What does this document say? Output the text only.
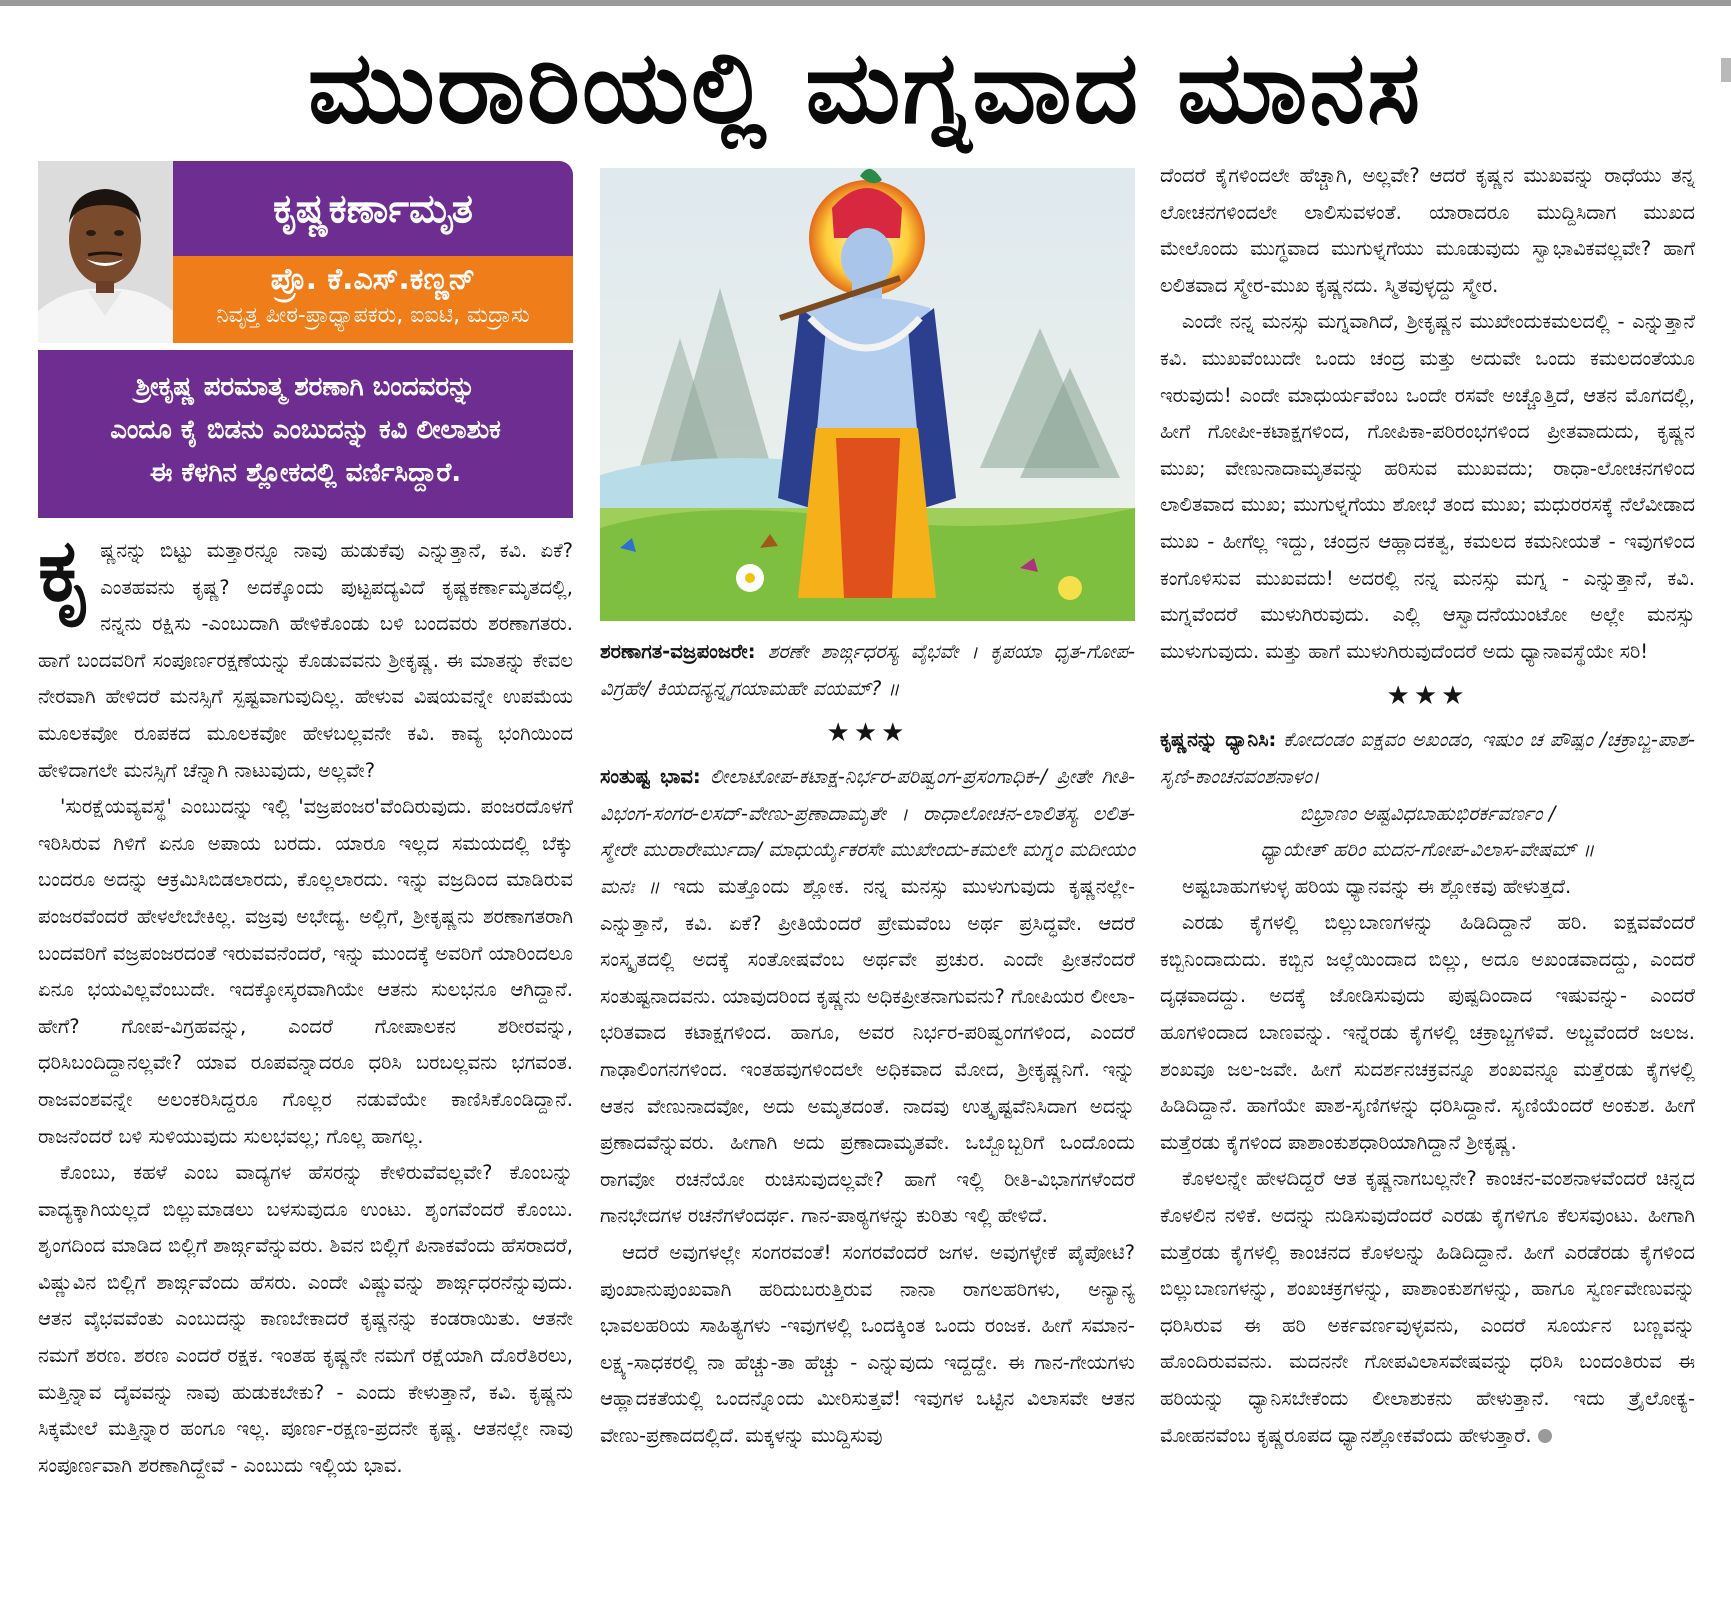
ಮುರಾರಿಯಲ್ಲಿ ಮಗ್ನವಾದ ಮಾನಸ
ಕೃಷ್ಣಕರ್ಣಾಮೃತ
ಪ್ರೊ. ಕೆ.ಎಸ್.ಕಣ್ಣನ್
ನಿವೃತ್ತ ಪೀಠ-ಪ್ರಾಧ್ಯಾಪಕರು, ಐಐಟಿ, ಮದ್ರಾಸು
ಶ್ರೀಕೃಷ್ಣ ಪರಮಾತ್ಮ ಶರಣಾಗಿ ಬಂದವರನ್ನು
ಎಂದೂ ಕೈ ಬಿಡನು ಎಂಬುದನ್ನು ಕವಿ ಲೀಲಾಶುಕ
ಈ ಕೆಳಗಿನ ಶ್ಲೋಕದಲ್ಲಿ ವರ್ಣಿಸಿದ್ದಾರೆ.

ಕೃಷ್ಣನನ್ನು ಬಿಟ್ಟು ಮತ್ತಾರನ್ನೂ ನಾವು ಹುಡುಕೆವು ಎನ್ನುತ್ತಾನೆ, ಕವಿ. ಏಕೆ? ಎಂತಹವನು ಕೃಷ್ಣ? ಅದಕ್ಕೊಂದು ಪುಟ್ಟಪದ್ಯವಿದೆ ಕೃಷ್ಣಕರ್ಣಾಮೃತದಲ್ಲಿ, ನನ್ನನು ರಕ್ಷಿಸು -ಎಂಬುದಾಗಿ ಹೇಳಿಕೊಂಡು ಬಳಿ ಬಂದವರು ಶರಣಾಗತರು. ಹಾಗೆ ಬಂದವರಿಗೆ ಸಂಪೂರ್ಣರಕ್ಷಣೆಯನ್ನು ಕೊಡುವವನು ಶ್ರೀಕೃಷ್ಣ. ಈ ಮಾತನ್ನು ಕೇವಲ ನೇರವಾಗಿ ಹೇಳಿದರೆ ಮನಸ್ಸಿಗೆ ಸ್ಪಷ್ಟವಾಗುವುದಿಲ್ಲ. ಹೇಳುವ ವಿಷಯವನ್ನೇ ಉಪಮೆಯ ಮೂಲಕವೋ ರೂಪಕದ ಮೂಲಕವೋ ಹೇಳಬಲ್ಲವನೇ ಕವಿ. ಕಾವ್ಯ ಭಂಗಿಯಿಂದ ಹೇಳಿದಾಗಲೇ ಮನಸ್ಸಿಗೆ ಚೆನ್ನಾಗಿ ನಾಟುವುದು, ಅಲ್ಲವೇ?

'ಸುರಕ್ಷೆಯವ್ಯವಸ್ಥೆ' ಎಂಬುದನ್ನು ಇಲ್ಲಿ 'ವಜ್ರಪಂಜರ'ವೆಂದಿರುವುದು. ಪಂಜರದೊಳಗೆ ಇರಿಸಿರುವ ಗಿಳಿಗೆ ಏನೂ ಅಪಾಯ ಬರದು. ಯಾರೂ ಇಲ್ಲದ ಸಮಯದಲ್ಲಿ ಬೆಕ್ಕು ಬಂದರೂ ಅದನ್ನು ಆಕ್ರಮಿಸಿಬಿಡಲಾರದು, ಕೊಲ್ಲಲಾರದು. ಇನ್ನು ವಜ್ರದಿಂದ ಮಾಡಿರುವ ಪಂಜರವೆಂದರೆ ಹೇಳಲೇಬೇಕಿಲ್ಲ. ವಜ್ರವು ಅಭೇದ್ಯ. ಅಲ್ಲಿಗೆ, ಶ್ರೀಕೃಷ್ಣನು ಶರಣಾಗತರಾಗಿ ಬಂದವರಿಗೆ ವಜ್ರಪಂಜರದಂತೆ ಇರುವವನೆಂದರೆ, ಇನ್ನು ಮುಂದಕ್ಕೆ ಅವರಿಗೆ ಯಾರಿಂದಲೂ ಏನೂ ಭಯವಿಲ್ಲವೆಂಬುದೇ. ಇದಕ್ಕೋಸ್ಕರವಾಗಿಯೇ ಆತನು ಸುಲಭನೂ ಆಗಿದ್ದಾನೆ. ಹೇಗೆ? ಗೋಪ-ವಿಗ್ರಹವನ್ನು, ಎಂದರೆ ಗೋಪಾಲಕನ ಶರೀರವನ್ನು, ಧರಿಸಿಬಂದಿದ್ದಾನಲ್ಲವೇ? ಯಾವ ರೂಪವನ್ನಾದರೂ ಧರಿಸಿ ಬರಬಲ್ಲವನು ಭಗವಂತ. ರಾಜವಂಶವನ್ನೇ ಅಲಂಕರಿಸಿದ್ದರೂ ಗೊಲ್ಲರ ನಡುವೆಯೇ ಕಾಣಿಸಿಕೊಂಡಿದ್ದಾನೆ. ರಾಜನೆಂದರೆ ಬಳಿ ಸುಳಿಯುವುದು ಸುಲಭವಲ್ಲ; ಗೊಲ್ಲ ಹಾಗಲ್ಲ.

ಕೊಂಬು, ಕಹಳೆ ಎಂಬ ವಾದ್ಯಗಳ ಹೆಸರನ್ನು ಕೇಳಿರುವೆವಲ್ಲವೇ? ಕೊಂಬನ್ನು ವಾದ್ಯಕ್ಕಾಗಿಯಲ್ಲದೆ ಬಿಲ್ಲುಮಾಡಲು ಬಳಸುವುದೂ ಉಂಟು. ಶೃಂಗವೆಂದರೆ ಕೊಂಬು. ಶೃಂಗದಿಂದ ಮಾಡಿದ ಬಿಲ್ಲಿಗೆ ಶಾರ್ಙ್ಗವೆನ್ನುವರು. ಶಿವನ ಬಿಲ್ಲಿಗೆ ಪಿನಾಕವೆಂದು ಹೆಸರಾದರೆ, ವಿಷ್ಣುವಿನ ಬಿಲ್ಲಿಗೆ ಶಾರ್ಙ್ಗವೆಂದು ಹೆಸರು. ಎಂದೇ ವಿಷ್ಣುವನ್ನು ಶಾರ್ಙ್ಗಧರನೆನ್ನುವುದು. ಆತನ ವೈಭವವೆಂತು ಎಂಬುದನ್ನು ಕಾಣಬೇಕಾದರೆ ಕೃಷ್ಣನನ್ನು ಕಂಡರಾಯಿತು. ಆತನೇ ನಮಗೆ ಶರಣ. ಶರಣ ಎಂದರೆ ರಕ್ಷಕ. ಇಂತಹ ಕೃಷ್ಣನೇ ನಮಗೆ ರಕ್ಷೆಯಾಗಿ ದೊರೆತಿರಲು, ಮತ್ತಿನ್ನಾವ ದೈವವನ್ನು ನಾವು ಹುಡುಕಬೇಕು? - ಎಂದು ಕೇಳುತ್ತಾನೆ, ಕವಿ. ಕೃಷ್ಣನು ಸಿಕ್ಕಮೇಲೆ ಮತ್ತಿನ್ನಾರ ಹಂಗೂ ಇಲ್ಲ. ಪೂರ್ಣ-ರಕ್ಷಣ-ಪ್ರದನೇ ಕೃಷ್ಣ. ಆತನಲ್ಲೇ ನಾವು ಸಂಪೂರ್ಣವಾಗಿ ಶರಣಾಗಿದ್ದೇವೆ - ಎಂಬುದು ಇಲ್ಲಿಯ ಭಾವ.

ಶರಣಾಗತ-ವಜ್ರಪಂಜರೇ: ಶರಣೇ ಶಾರ್ಙ್ಗಧರಸ್ಯ ವೈಭವೇ । ಕೃಪಯಾ ಧೃತ-ಗೋಪ-ವಿಗ್ರಹೇ/ ಕಿಯದನ್ಯನ್ನೃಗಯಾಮಹೇ ವಯಮ್? ॥

★★★

ಸಂತುಷ್ಟ ಭಾವ: ಲೀಲಾಟೋಪ-ಕಟಾಕ್ಷ-ನಿರ್ಭರ-ಪರಿಷ್ವಂಗ-ಪ್ರಸಂಗಾಧಿಕ-/ ಪ್ರೀತೇ ಗೀತಿ-ವಿಭಂಗ-ಸಂಗರ-ಲಸದ್-ವೇಣು-ಪ್ರಣಾದಾಮೃತೇ । ರಾಧಾಲೋಚನ-ಲಾಲಿತಸ್ಯ ಲಲಿತ-ಸ್ಮೇರೇ ಮುರಾರೇರ್ಮುದಾ/ ಮಾಧುರ್ಯೈಕರಸೇ ಮುಖೇಂದು-ಕಮಲೇ ಮಗ್ನಂ ಮದೀಯಂ ಮನಃ ॥ ಇದು ಮತ್ತೊಂದು ಶ್ಲೋಕ. ನನ್ನ ಮನಸ್ಸು ಮುಳುಗುವುದು ಕೃಷ್ಣನಲ್ಲೇ- ಎನ್ನುತ್ತಾನೆ, ಕವಿ. ಏಕೆ? ಪ್ರೀತಿಯೆಂದರೆ ಪ್ರೇಮವೆಂಬ ಅರ್ಥ ಪ್ರಸಿದ್ಧವೇ. ಆದರೆ ಸಂಸ್ಕೃತದಲ್ಲಿ ಅದಕ್ಕೆ ಸಂತೋಷವೆಂಬ ಅರ್ಥವೇ ಪ್ರಚುರ. ಎಂದೇ ಪ್ರೀತನೆಂದರೆ ಸಂತುಷ್ಟನಾದವನು. ಯಾವುದರಿಂದ ಕೃಷ್ಣನು ಅಧಿಕಪ್ರೀತನಾಗುವನು? ಗೋಪಿಯರ ಲೀಲಾ-ಭರಿತವಾದ ಕಟಾಕ್ಷಗಳಿಂದ. ಹಾಗೂ, ಅವರ ನಿರ್ಭರ-ಪರಿಷ್ವಂಗಗಳಿಂದ, ಎಂದರೆ ಗಾಢಾಲಿಂಗನಗಳಿಂದ. ಇಂತಹವುಗಳಿಂದಲೇ ಅಧಿಕವಾದ ಮೋದ, ಶ್ರೀಕೃಷ್ಣನಿಗೆ. ಇನ್ನು ಆತನ ವೇಣುನಾದವೋ, ಅದು ಅಮೃತದಂತೆ. ನಾದವು ಉತ್ಕೃಷ್ಟವೆನಿಸಿದಾಗ ಅದನ್ನು ಪ್ರಣಾದವೆನ್ನುವರು. ಹೀಗಾಗಿ ಅದು ಪ್ರಣಾದಾಮೃತವೇ. ಒಬ್ಬೊಬ್ಬರಿಗೆ ಒಂದೊಂದು ರಾಗವೋ ರಚನೆಯೋ ರುಚಿಸುವುದಲ್ಲವೇ? ಹಾಗೆ ಇಲ್ಲಿ ರೀತಿ-ವಿಭಾಗಗಳೆಂದರೆ ಗಾನಭೇದಗಳ ರಚನೆಗಳೆಂದರ್ಥ. ಗಾನ-ಪಾಠ್ಯಗಳನ್ನು ಕುರಿತು ಇಲ್ಲಿ ಹೇಳಿದೆ.

ಆದರೆ ಅವುಗಳಲ್ಲೇ ಸಂಗರವಂತೆ! ಸಂಗರವೆಂದರೆ ಜಗಳ. ಅವುಗಳ್ಳೇಕೆ ಪೈಪೋಟಿ? ಪುಂಖಾನುಪುಂಖವಾಗಿ ಹರಿದುಬರುತ್ತಿರುವ ನಾನಾ ರಾಗಲಹರಿಗಳು, ಅನ್ಯಾನ್ಯ ಭಾವಲಹರಿಯ ಸಾಹಿತ್ಯಗಳು -ಇವುಗಳಲ್ಲಿ ಒಂದಕ್ಕಿಂತ ಒಂದು ರಂಜಕ. ಹೀಗೆ ಸಮಾನ-ಲಕ್ಷ್ಯ-ಸಾಧಕರಲ್ಲಿ ನಾ ಹೆಚ್ಚು-ತಾ ಹೆಚ್ಚು - ಎನ್ನುವುದು ಇದ್ದದ್ದೇ. ಈ ಗಾನ-ಗೇಯಗಳು ಆಹ್ಲಾದಕತೆಯಲ್ಲಿ ಒಂದನ್ನೊಂದು ಮೀರಿಸುತ್ತವೆ! ಇವುಗಳ ಒಟ್ಟಿನ ವಿಲಾಸವೇ ಆತನ ವೇಣು-ಪ್ರಣಾದದಲ್ಲಿದೆ. ಮಕ್ಕಳನ್ನು ಮುದ್ದಿಸುವು

ದೆಂದರೆ ಕೈಗಳಿಂದಲೇ ಹೆಚ್ಚಾಗಿ, ಅಲ್ಲವೇ? ಆದರೆ ಕೃಷ್ಣನ ಮುಖವನ್ನು ರಾಧೆಯು ತನ್ನ ಲೋಚನಗಳಿಂದಲೇ ಲಾಲಿಸುವಳಂತೆ. ಯಾರಾದರೂ ಮುದ್ದಿಸಿದಾಗ ಮುಖದ ಮೇಲೊಂದು ಮುಗ್ಧವಾದ ಮುಗುಳ್ನಗೆಯು ಮೂಡುವುದು ಸ್ವಾಭಾವಿಕವಲ್ಲವೇ? ಹಾಗೆ ಲಲಿತವಾದ ಸ್ಮೇರ-ಮುಖ ಕೃಷ್ಣನದು. ಸ್ಮಿತವುಳ್ಳದ್ದು ಸ್ಮೇರ.

ಎಂದೇ ನನ್ನ ಮನಸ್ಸು ಮಗ್ನವಾಗಿದೆ, ಶ್ರೀಕೃಷ್ಣನ ಮುಖೇಂದುಕಮಲದಲ್ಲಿ - ಎನ್ನುತ್ತಾನೆ ಕವಿ. ಮುಖವೆಂಬುದೇ ಒಂದು ಚಂದ್ರ ಮತ್ತು ಅದುವೇ ಒಂದು ಕಮಲದಂತೆಯೂ ಇರುವುದು! ಎಂದೇ ಮಾಧುರ್ಯವೆಂಬ ಒಂದೇ ರಸವೇ ಅಚ್ಚೊತ್ತಿದೆ, ಆತನ ಮೊಗದಲ್ಲಿ, ಹೀಗೆ ಗೋಪೀ-ಕಟಾಕ್ಷಗಳಿಂದ, ಗೋಪಿಕಾ-ಪರಿರಂಭಗಳಿಂದ ಪ್ರೀತವಾದುದು, ಕೃಷ್ಣನ ಮುಖ; ವೇಣುನಾದಾಮೃತವನ್ನು ಹರಿಸುವ ಮುಖವದು; ರಾಧಾ-ಲೋಚನಗಳಿಂದ ಲಾಲಿತವಾದ ಮುಖ; ಮುಗುಳ್ನಗೆಯು ಶೋಭೆ ತಂದ ಮುಖ; ಮಧುರರಸಕ್ಕೆ ನೆಲೆವೀಡಾದ ಮುಖ - ಹೀಗೆಲ್ಲ ಇದ್ದು, ಚಂದ್ರನ ಆಹ್ಲಾದಕತ್ವ, ಕಮಲದ ಕಮನೀಯತೆ - ಇವುಗಳಿಂದ ಕಂಗೊಳಿಸುವ ಮುಖವದು! ಅದರಲ್ಲಿ ನನ್ನ ಮನಸ್ಸು ಮಗ್ನ - ಎನ್ನುತ್ತಾನೆ, ಕವಿ. ಮಗ್ನವೆಂದರೆ ಮುಳುಗಿರುವುದು. ಎಲ್ಲಿ ಆಸ್ವಾದನೆಯುಂಟೋ ಅಲ್ಲೇ ಮನಸ್ಸು ಮುಳುಗುವುದು. ಮತ್ತು ಹಾಗೆ ಮುಳುಗಿರುವುದೆಂದರೆ ಅದು ಧ್ಯಾನಾವಸ್ಥೆಯೇ ಸರಿ!

★★★

ಕೃಷ್ಣನನ್ನು ಧ್ಯಾನಿಸಿ: ಕೋದಂಡಂ ಐಕ್ಷವಂ ಅಖಂಡಂ, ಇಷುಂ ಚ ಪೌಷ್ಪಂ /ಚಕ್ರಾಬ್ಜ-ಪಾಶ-ಸೃಣಿ-ಕಾಂಚನವಂಶನಾಳಂ।

ಬಿಭ್ರಾಣಂ ಅಷ್ಟವಿಧಬಾಹುಭಿರರ್ಕವರ್ಣಂ /

ಧ್ಯಾಯೇತ್ ಹರಿಂ ಮದನ-ಗೋಪ-ವಿಲಾಸ-ವೇಷಮ್ ॥

ಅಷ್ಟಬಾಹುಗಳುಳ್ಳ ಹರಿಯ ಧ್ಯಾನವನ್ನು ಈ ಶ್ಲೋಕವು ಹೇಳುತ್ತದೆ.

ಎರಡು ಕೈಗಳಲ್ಲಿ ಬಿಲ್ಲುಬಾಣಗಳನ್ನು ಹಿಡಿದಿದ್ದಾನೆ ಹರಿ. ಐಕ್ಷವವೆಂದರೆ ಕಬ್ಬಿನಿಂದಾದುದು. ಕಬ್ಬಿನ ಜಲ್ಲೆಯಿಂದಾದ ಬಿಲ್ಲು, ಅದೂ ಅಖಂಡವಾದದ್ದು, ಎಂದರೆ ದೃಢವಾದದ್ದು. ಅದಕ್ಕೆ ಜೋಡಿಸುವುದು ಪುಷ್ಪದಿಂದಾದ ಇಷುವನ್ನು- ಎಂದರೆ ಹೂಗಳಿಂದಾದ ಬಾಣವನ್ನು. ಇನ್ನೆರಡು ಕೈಗಳಲ್ಲಿ ಚಕ್ರಾಬ್ಜಗಳಿವೆ. ಅಬ್ಜವೆಂದರೆ ಜಲಜ. ಶಂಖವೂ ಜಲ-ಜವೇ. ಹೀಗೆ ಸುದರ್ಶನಚಕ್ರವನ್ನೂ ಶಂಖವನ್ನೂ ಮತ್ತೆರಡು ಕೈಗಳಲ್ಲಿ ಹಿಡಿದಿದ್ದಾನೆ. ಹಾಗೆಯೇ ಪಾಶ-ಸೃಣಿಗಳನ್ನು ಧರಿಸಿದ್ದಾನೆ. ಸೃಣಿಯೆಂದರೆ ಅಂಕುಶ. ಹೀಗೆ ಮತ್ತೆರಡು ಕೈಗಳಿಂದ ಪಾಶಾಂಕುಶಧಾರಿಯಾಗಿದ್ದಾನೆ ಶ್ರೀಕೃಷ್ಣ.

ಕೊಳಲನ್ನೇ ಹೇಳದಿದ್ದರೆ ಆತ ಕೃಷ್ಣನಾಗಬಲ್ಲನೇ? ಕಾಂಚನ-ವಂಶನಾಳವೆಂದರೆ ಚಿನ್ನದ ಕೊಳಲಿನ ನಳಿಕೆ. ಅದನ್ನು ನುಡಿಸುವುದೆಂದರೆ ಎರಡು ಕೈಗಳಿಗೂ ಕೆಲಸವುಂಟು. ಹೀಗಾಗಿ ಮತ್ತೆರಡು ಕೈಗಳಲ್ಲಿ ಕಾಂಚನದ ಕೊಳಲನ್ನು ಹಿಡಿದಿದ್ದಾನೆ. ಹೀಗೆ ಎರಡೆರಡು ಕೈಗಳಿಂದ ಬಿಲ್ಲುಬಾಣಗಳನ್ನು, ಶಂಖಚಕ್ರಗಳನ್ನು, ಪಾಶಾಂಕುಶಗಳನ್ನು, ಹಾಗೂ ಸ್ವರ್ಣವೇಣುವನ್ನು ಧರಿಸಿರುವ ಈ ಹರಿ ಅರ್ಕವರ್ಣವುಳ್ಳವನು, ಎಂದರೆ ಸೂರ್ಯನ ಬಣ್ಣವನ್ನು ಹೊಂದಿರುವವನು. ಮದನನೇ ಗೋಪವಿಲಾಸವೇಷವನ್ನು ಧರಿಸಿ ಬಂದಂತಿರುವ ಈ ಹರಿಯನ್ನು ಧ್ಯಾನಿಸಬೇಕೆಂದು ಲೀಲಾಶುಕನು ಹೇಳುತ್ತಾನೆ. ಇದು ತ್ರೈಲೋಕ್ಯ-ಮೋಹನವೆಂಬ ಕೃಷ್ಣರೂಪದ ಧ್ಯಾನಶ್ಲೋಕವೆಂದು ಹೇಳುತ್ತಾರೆ.
